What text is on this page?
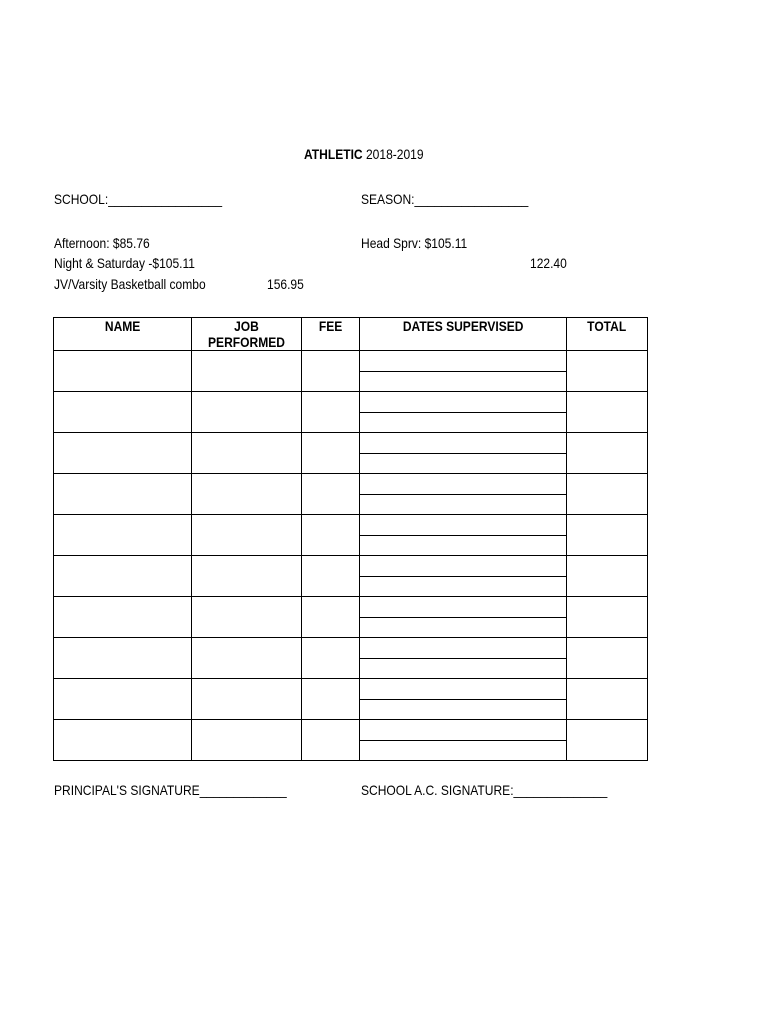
ATHLETIC 2018-2019
SCHOOL:_________________	SEASON:_________________
Afternoon: $85.76
Night & Saturday -$105.11
JV/Varsity Basketball combo	156.95
Head Sprv: $105.11
122.40
NAME	JOB PERFORMED	FEE	DATES SUPERVISED	TOTAL

PRINCIPAL'S SIGNATURE_____________	SCHOOL A.C. SIGNATURE:______________
